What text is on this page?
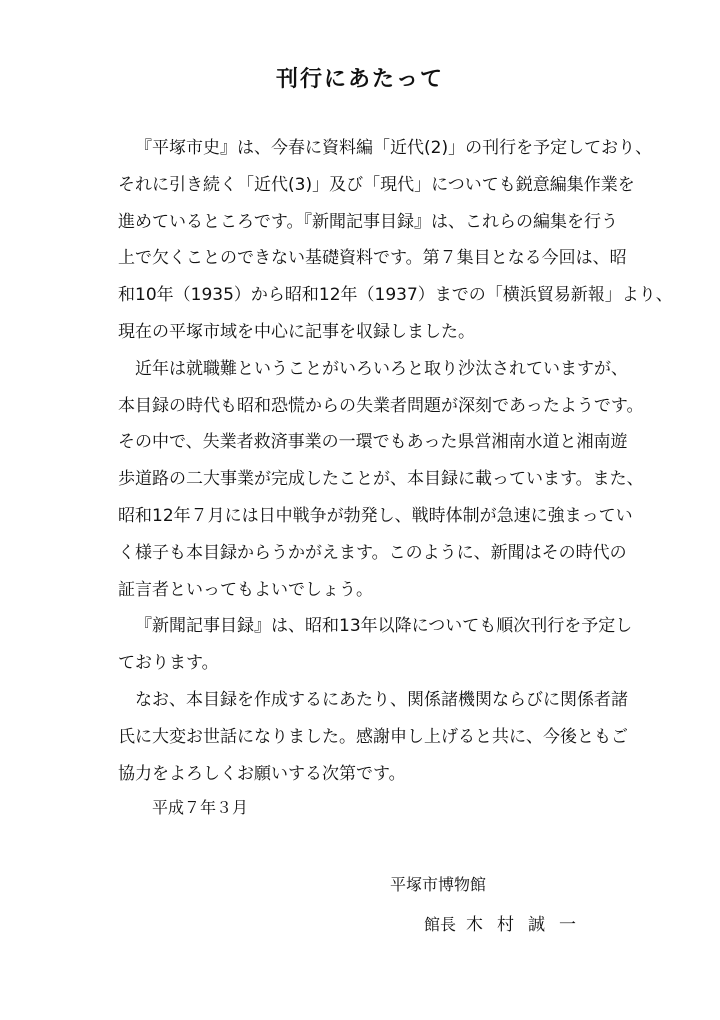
刊行にあたって
『平塚市史』は、今春に資料編「近代(2)」の刊行を予定しており、
それに引き続く「近代(3)」及び「現代」についても鋭意編集作業を
進めているところです。『新聞記事目録』は、これらの編集を行う
上で欠くことのできない基礎資料です。第７集目となる今回は、昭
和10年（1935）から昭和12年（1937）までの「横浜貿易新報」より、
現在の平塚市域を中心に記事を収録しました。
近年は就職難ということがいろいろと取り沙汰されていますが、
本目録の時代も昭和恐慌からの失業者問題が深刻であったようです。
その中で、失業者救済事業の一環でもあった県営湘南水道と湘南遊
歩道路の二大事業が完成したことが、本目録に載っています。また、
昭和12年７月には日中戦争が勃発し、戦時体制が急速に強まってい
く様子も本目録からうかがえます。このように、新聞はその時代の
証言者といってもよいでしょう。
『新聞記事目録』は、昭和13年以降についても順次刊行を予定し
ております。
なお、本目録を作成するにあたり、関係諸機関ならびに関係者諸
氏に大変お世話になりました。感謝申し上げると共に、今後ともご
協力をよろしくお願いする次第です。
平成７年３月
平塚市博物館
館長 木村誠一
